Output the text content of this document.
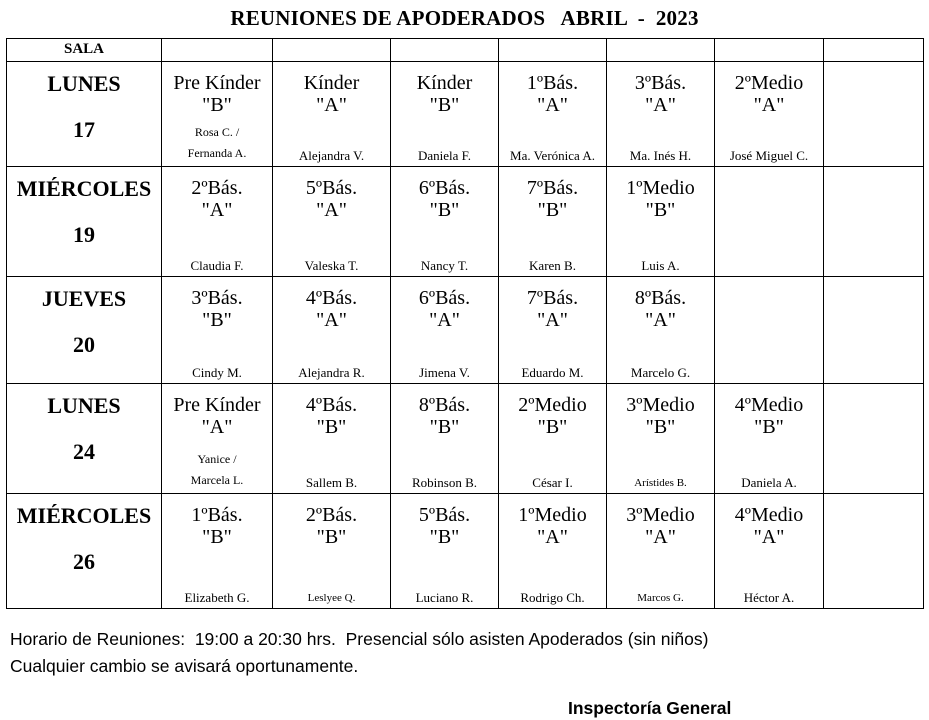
REUNIONES DE APODERADOS   ABRIL  -  2023
SALA							

LUNES
17	Pre Kínder
"B"
Rosa C. /
Fernanda A.	Kínder
"A"
Alejandra V.	Kínder
"B"
Daniela F.	1ºBás.
"A"
Ma. Verónica A.	3ºBás.
"A"
Ma. Inés H.	2ºMedio
"A"
José Miguel C.	

MIÉRCOLES
19	2ºBás.
"A"
Claudia F.	5ºBás.
"A"
Valeska T.	6ºBás.
"B"
Nancy T.	7ºBás.
"B"
Karen B.	1ºMedio
"B"
Luis A.		

JUEVES
20	3ºBás.
"B"
Cindy M.	4ºBás.
"A"
Alejandra R.	6ºBás.
"A"
Jimena V.	7ºBás.
"A"
Eduardo M.	8ºBás.
"A"
Marcelo G.		

LUNES
24	Pre Kínder
"A"
Yanice /
Marcela L.	4ºBás.
"B"
Sallem B.	8ºBás.
"B"
Robinson B.	2ºMedio
"B"
César I.	3ºMedio
"B"
Arístides B.	4ºMedio
"B"
Daniela A.	

MIÉRCOLES
26	1ºBás.
"B"
Elizabeth G.	2ºBás.
"B"
Leslyee Q.	5ºBás.
"B"
Luciano R.	1ºMedio
"A"
Rodrigo Ch.	3ºMedio
"A"
Marcos G.	4ºMedio
"A"
Héctor A.	

Horario de Reuniones:  19:00 a 20:30 hrs.  Presencial sólo asisten Apoderados (sin niños)
Cualquier cambio se avisará oportunamente.
Inspectoría General
